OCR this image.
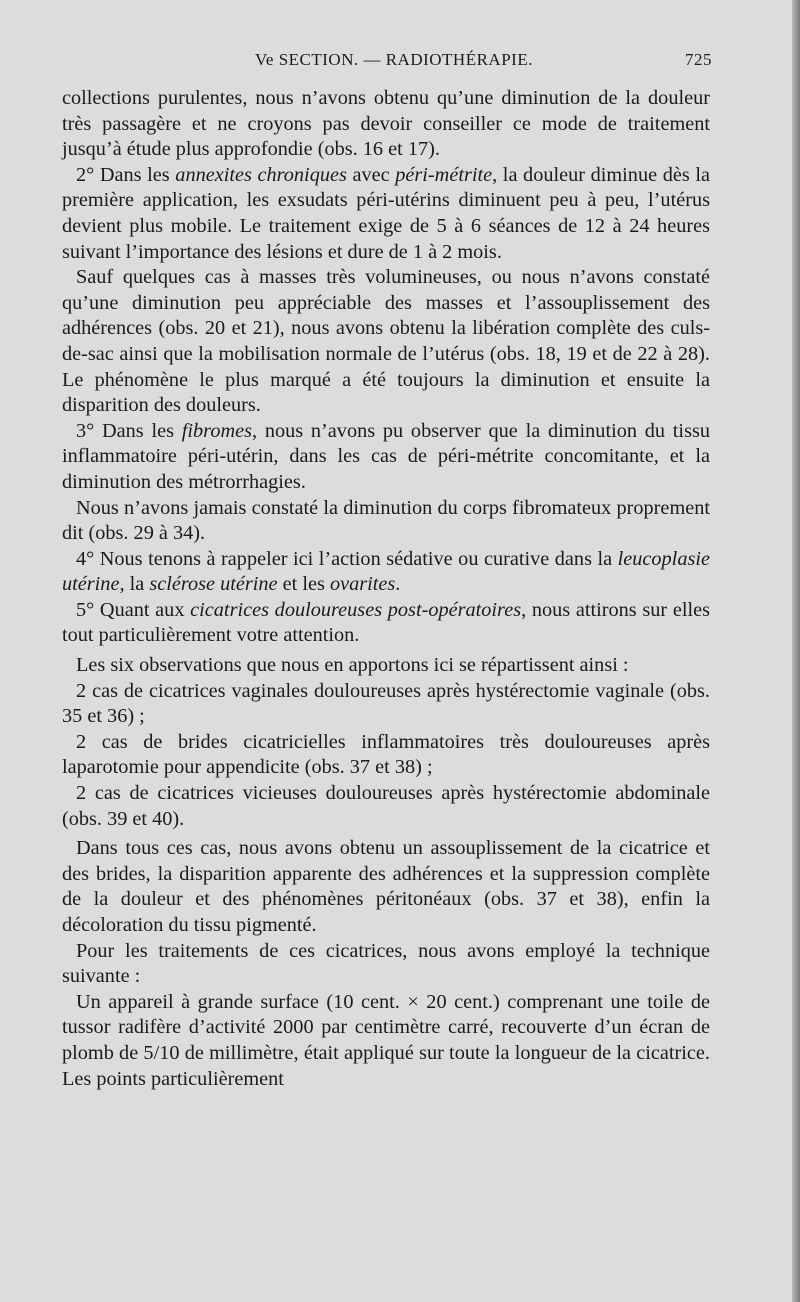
Ve SECTION. — RADIOTHÉRAPIE.	725

collections purulentes, nous n’avons obtenu qu’une diminution de la douleur très passagère et ne croyons pas devoir conseiller ce mode de traitement jusqu’à étude plus approfondie (obs. 16 et 17).

2° Dans les annexites chroniques avec péri-métrite, la douleur diminue dès la première application, les exsudats péri-utérins diminuent peu à peu, l’utérus devient plus mobile. Le traitement exige de 5 à 6 séances de 12 à 24 heures suivant l’importance des lésions et dure de 1 à 2 mois.

Sauf quelques cas à masses très volumineuses, ou nous n’avons constaté qu’une diminution peu appréciable des masses et l’assouplissement des adhérences (obs. 20 et 21), nous avons obtenu la libération complète des culs-de-sac ainsi que la mobilisation normale de l’utérus (obs. 18, 19 et de 22 à 28). Le phénomène le plus marqué a été toujours la diminution et ensuite la disparition des douleurs.

3° Dans les fibromes, nous n’avons pu observer que la diminution du tissu inflammatoire péri-utérin, dans les cas de péri-métrite concomitante, et la diminution des métrorrhagies.

Nous n’avons jamais constaté la diminution du corps fibromateux proprement dit (obs. 29 à 34).

4° Nous tenons à rappeler ici l’action sédative ou curative dans la leucoplasie utérine, la sclérose utérine et les ovarites.

5° Quant aux cicatrices douloureuses post-opératoires, nous attirons sur elles tout particulièrement votre attention.

Les six observations que nous en apportons ici se répartissent ainsi :

2 cas de cicatrices vaginales douloureuses après hystérectomie vaginale (obs. 35 et 36) ;

2 cas de brides cicatricielles inflammatoires très douloureuses après laparotomie pour appendicite (obs. 37 et 38) ;

2 cas de cicatrices vicieuses douloureuses après hystérectomie abdominale (obs. 39 et 40).

Dans tous ces cas, nous avons obtenu un assouplissement de la cicatrice et des brides, la disparition apparente des adhérences et la suppression complète de la douleur et des phénomènes péritonéaux (obs. 37 et 38), enfin la décoloration du tissu pigmenté.

Pour les traitements de ces cicatrices, nous avons employé la technique suivante :

Un appareil à grande surface (10 cent. × 20 cent.) comprenant une toile de tussor radifère d’activité 2000 par centimètre carré, recouverte d’un écran de plomb de 5/10 de millimètre, était appliqué sur toute la longueur de la cicatrice. Les points particulièrement
